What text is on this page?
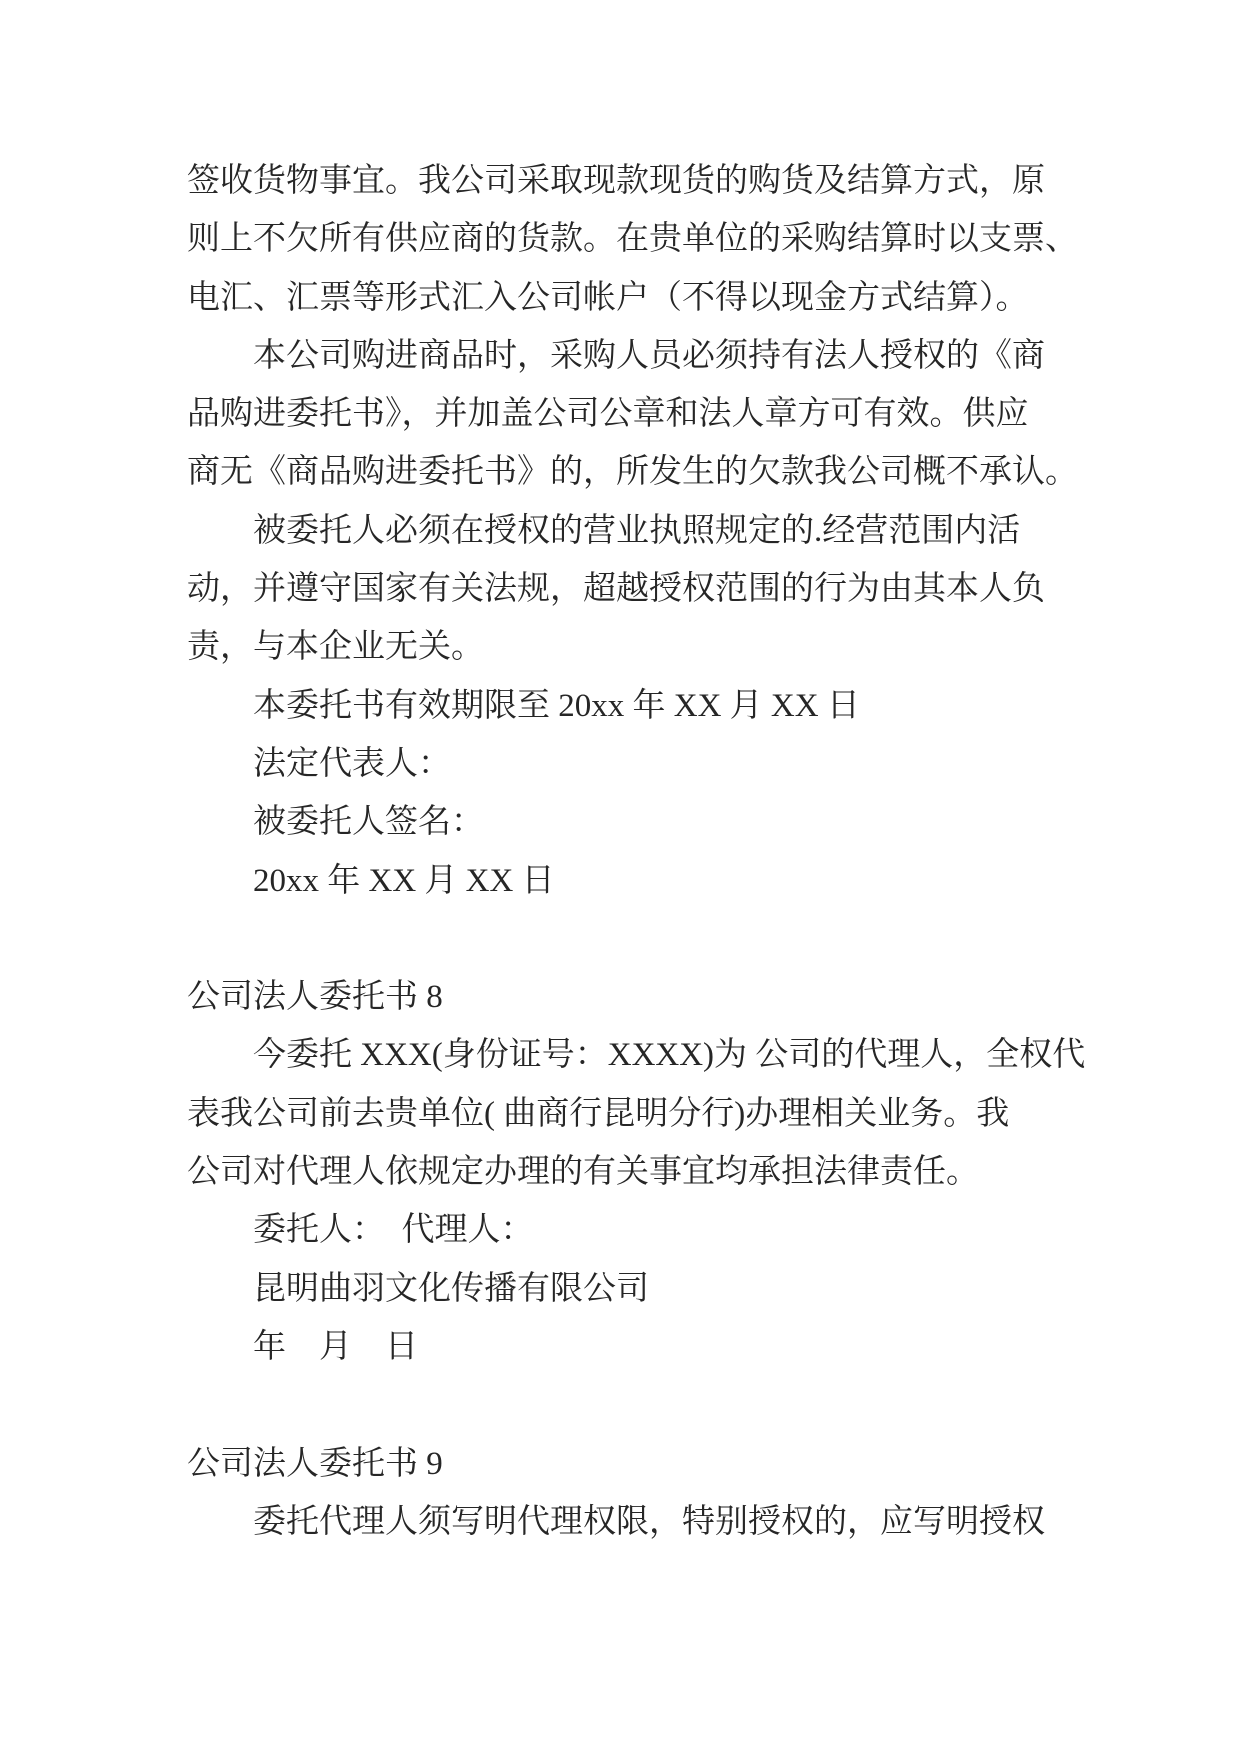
签收货物事宜。我公司采取现款现货的购货及结算方式，原
则上不欠所有供应商的货款。在贵单位的采购结算时以支票、
电汇、汇票等形式汇入公司帐户（不得以现金方式结算）。
本公司购进商品时，采购人员必须持有法人授权的《商
品购进委托书》，并加盖公司公章和法人章方可有效。供应
商无《商品购进委托书》的，所发生的欠款我公司概不承认。
被委托人必须在授权的营业执照规定的.经营范围内活
动，并遵守国家有关法规，超越授权范围的行为由其本人负
责，与本企业无关。
本委托书有效期限至 20xx 年 XX 月 XX 日
法定代表人：
被委托人签名：
20xx 年 XX 月 XX 日
公司法人委托书 8
今委托 XXX(身份证号：XXXX)为 公司的代理人，全权代
表我公司前去贵单位( 曲商行昆明分行)办理相关业务。我
公司对代理人依规定办理的有关事宜均承担法律责任。
委托人：  代理人：
昆明曲羽文化传播有限公司
年　月　日
公司法人委托书 9
委托代理人须写明代理权限，特别授权的，应写明授权
